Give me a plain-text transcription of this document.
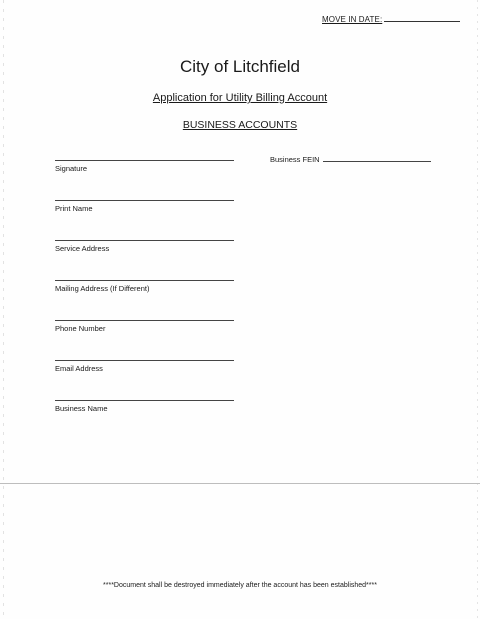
MOVE IN DATE:
City of Litchfield
Application for Utility Billing Account
BUSINESS ACCOUNTS
Signature
Business FEIN
Print Name
Service Address
Mailing Address (If Different)
Phone Number
Email Address
Business Name
****Document shall be destroyed immediately after the account has been established****
